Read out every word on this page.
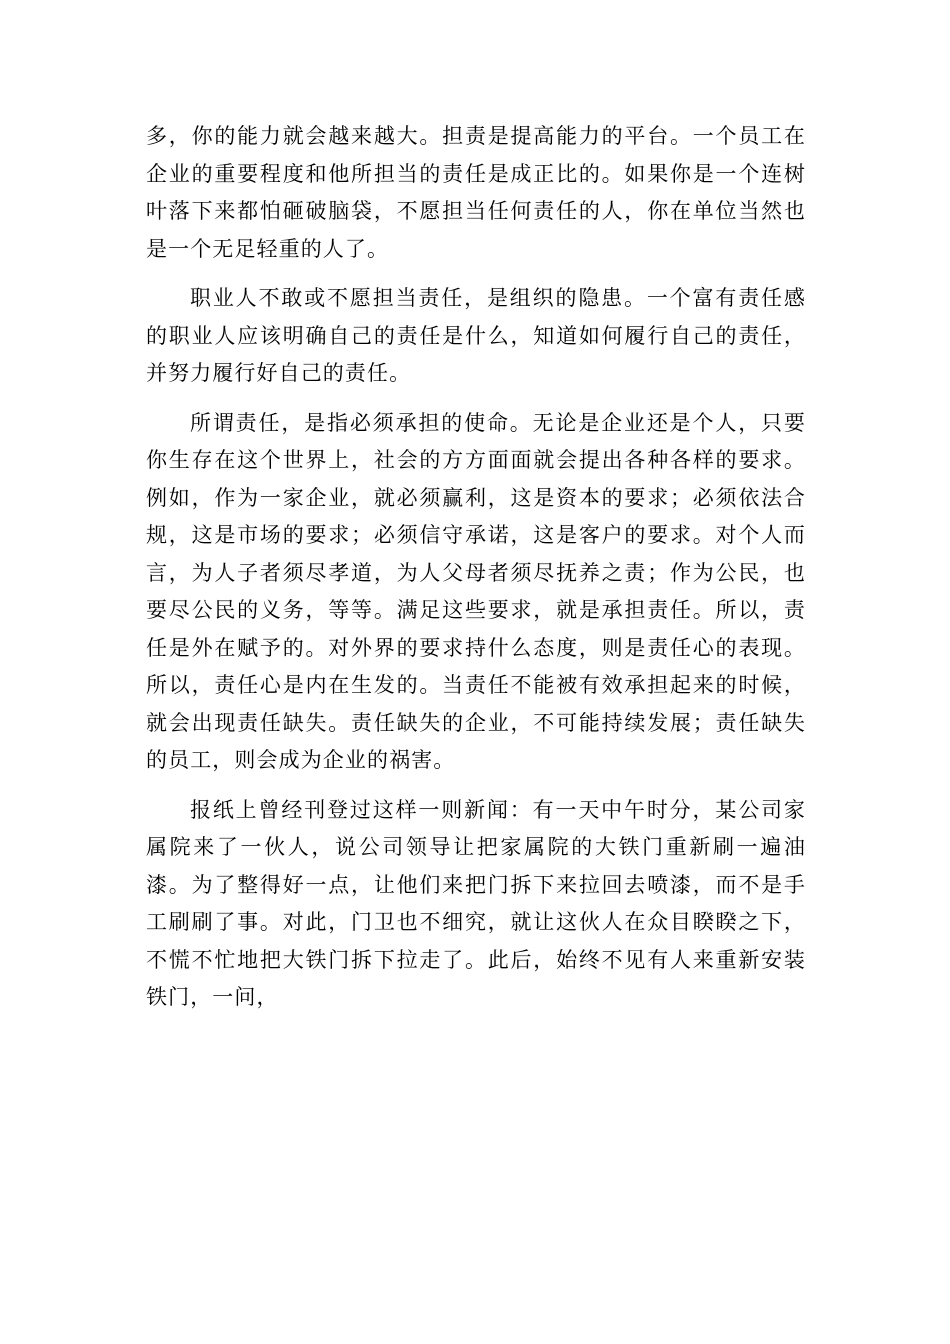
多，你的能力就会越来越大。担责是提高能力的平台。一个员工在企业的重要程度和他所担当的责任是成正比的。如果你是一个连树叶落下来都怕砸破脑袋，不愿担当任何责任的人，你在单位当然也是一个无足轻重的人了。

职业人不敢或不愿担当责任，是组织的隐患。一个富有责任感的职业人应该明确自己的责任是什么，知道如何履行自己的责任，并努力履行好自己的责任。

所谓责任，是指必须承担的使命。无论是企业还是个人，只要你生存在这个世界上，社会的方方面面就会提出各种各样的要求。例如，作为一家企业，就必须赢利，这是资本的要求；必须依法合规，这是市场的要求；必须信守承诺，这是客户的要求。对个人而言，为人子者须尽孝道，为人父母者须尽抚养之责；作为公民，也要尽公民的义务，等等。满足这些要求，就是承担责任。所以，责任是外在赋予的。对外界的要求持什么态度，则是责任心的表现。所以，责任心是内在生发的。当责任不能被有效承担起来的时候，就会出现责任缺失。责任缺失的企业，不可能持续发展；责任缺失的员工，则会成为企业的祸害。

报纸上曾经刊登过这样一则新闻：有一天中午时分，某公司家属院来了一伙人，说公司领导让把家属院的大铁门重新刷一遍油漆。为了整得好一点，让他们来把门拆下来拉回去喷漆，而不是手工刷刷了事。对此，门卫也不细究，就让这伙人在众目睽睽之下，不慌不忙地把大铁门拆下拉走了。此后，始终不见有人来重新安装铁门，一问，
